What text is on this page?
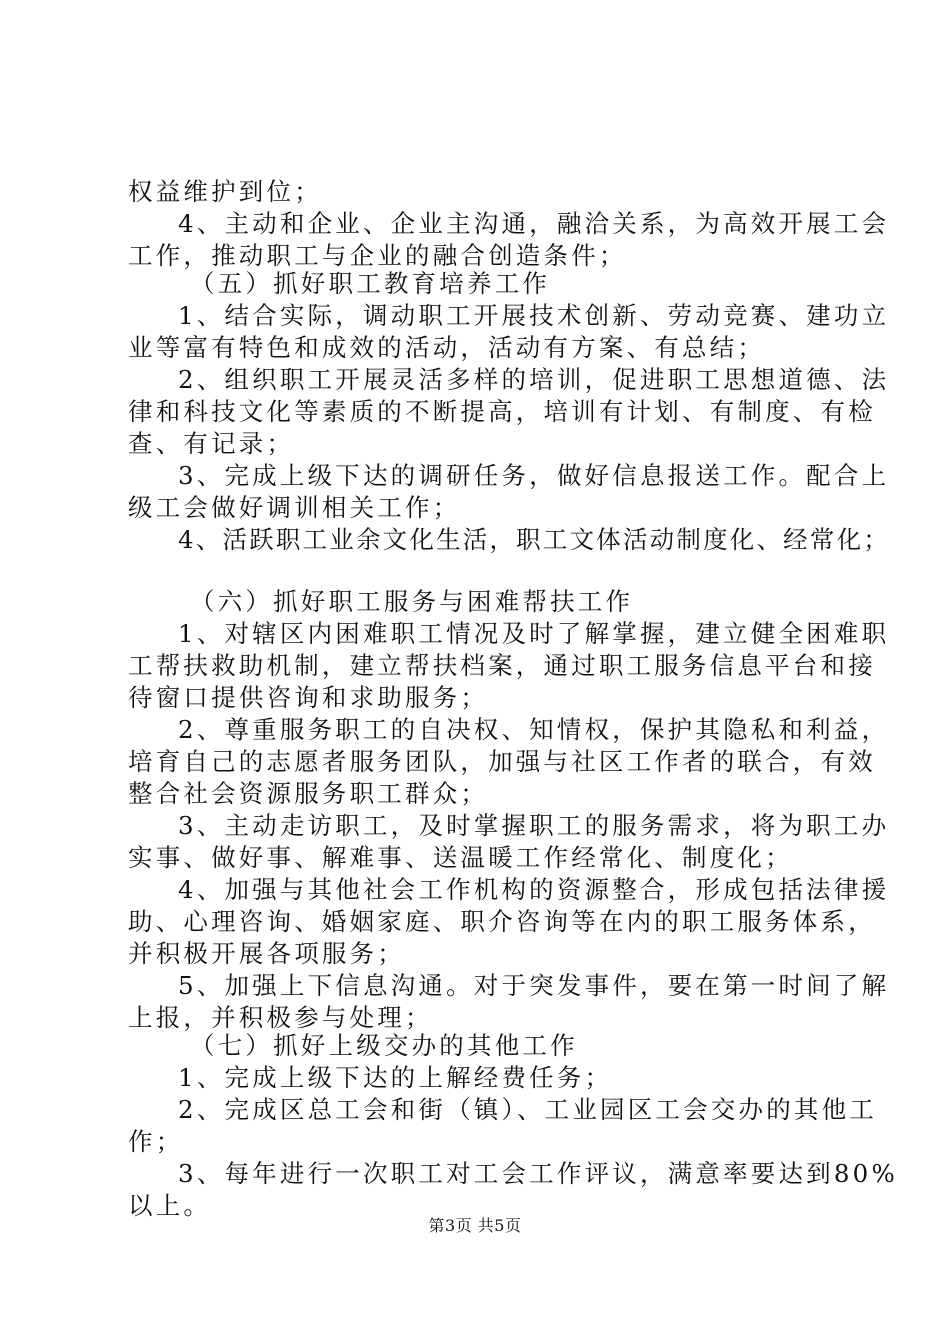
权益维护到位；
4、主动和企业、企业主沟通，融洽关系，为高效开展工会
工作，推动职工与企业的融合创造条件；
（五）抓好职工教育培养工作
1、结合实际，调动职工开展技术创新、劳动竞赛、建功立
业等富有特色和成效的活动，活动有方案、有总结；
2、组织职工开展灵活多样的培训，促进职工思想道德、法
律和科技文化等素质的不断提高，培训有计划、有制度、有检
查、有记录；
3、完成上级下达的调研任务，做好信息报送工作。配合上
级工会做好调训相关工作；
4、活跃职工业余文化生活，职工文体活动制度化、经常化；
（六）抓好职工服务与困难帮扶工作
1、对辖区内困难职工情况及时了解掌握，建立健全困难职
工帮扶救助机制，建立帮扶档案，通过职工服务信息平台和接
待窗口提供咨询和求助服务；
2、尊重服务职工的自决权、知情权，保护其隐私和利益，
培育自己的志愿者服务团队，加强与社区工作者的联合，有效
整合社会资源服务职工群众；
3、主动走访职工，及时掌握职工的服务需求，将为职工办
实事、做好事、解难事、送温暖工作经常化、制度化；
4、加强与其他社会工作机构的资源整合，形成包括法律援
助、心理咨询、婚姻家庭、职介咨询等在内的职工服务体系，
并积极开展各项服务；
5、加强上下信息沟通。对于突发事件，要在第一时间了解
上报，并积极参与处理；
（七）抓好上级交办的其他工作
1、完成上级下达的上解经费任务；
2、完成区总工会和街（镇）、工业园区工会交办的其他工
作；
3、每年进行一次职工对工会工作评议，满意率要达到80%
以上。
第3页 共5页
